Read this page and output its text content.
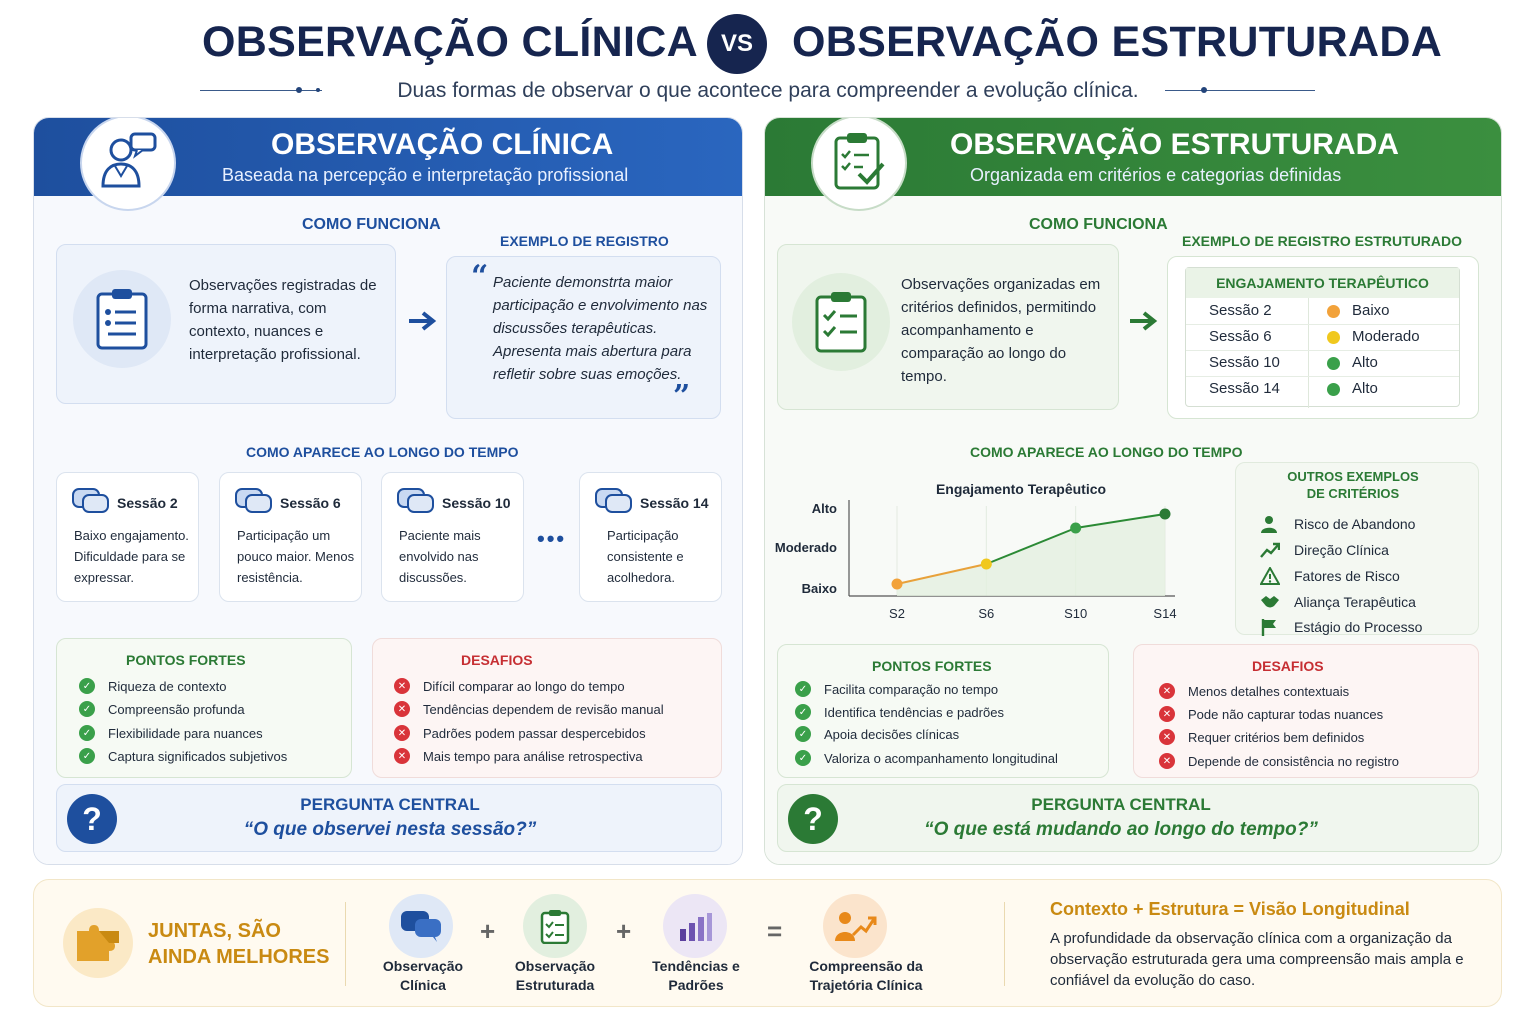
OBSERVAÇÃO CLÍNICA VS OBSERVAÇÃO ESTRUTURADA
Duas formas de observar o que acontece para compreender a evolução clínica.
OBSERVAÇÃO CLÍNICA
Baseada na percepção e interpretação profissional
COMO FUNCIONA
Observações registradas de forma narrativa, com contexto, nuances e interpretação profissional.
EXEMPLO DE REGISTRO
“ Paciente demonstrta maior participação e envolvimento nas discussões terapêuticas. Apresenta mais abertura para refletir sobre suas emoções.
”
COMO APARECE AO LONGO DO TEMPO
Sessão 2
Baixo engajamento. Dificuldade para se expressar.
Sessão 6
Participação um pouco maior. Menos resistência.
Sessão 10
Paciente mais envolvido nas discussões.
•••
Sessão 14
Participação consistente e acolhedora.
PONTOS FORTES
✓ Riqueza de contexto
✓ Compreensão profunda
✓ Flexibilidade para nuances
✓ Captura significados subjetivos
DESAFIOS
✕ Difícil comparar ao longo do tempo
✕ Tendências dependem de revisão manual
✕ Padrões podem passar despercebidos
✕ Mais tempo para análise retrospectiva
?	PERGUNTA CENTRAL
“O que observei nesta sessão?”
OBSERVAÇÃO ESTRUTURADA
Organizada em critérios e categorias definidas
COMO FUNCIONA
Observações organizadas em critérios definidos, permitindo acompanhamento e comparação ao longo do tempo.
EXEMPLO DE REGISTRO ESTRUTURADO
ENGAJAMENTO TERAPÊUTICO
Sessão 2	Baixo
Sessão 6	Moderado
Sessão 10	Alto
Sessão 14	Alto
COMO APARECE AO LONGO DO TEMPO
Engajamento Terapêutico
Baixo
Moderado
Alto
S2	S6	S10	S14
OUTROS EXEMPLOS
DE CRITÉRIOS
Risco de Abandono
Direção Clínica
Fatores de Risco
Aliança Terapêutica
Estágio do Processo
PONTOS FORTES
✓ Facilita comparação no tempo
✓ Identifica tendências e padrões
✓ Apoia decisões clínicas
✓ Valoriza o acompanhamento longitudinal
DESAFIOS
✕ Menos detalhes contextuais
✕ Pode não capturar todas nuances
✕ Requer critérios bem definidos
✕ Depende de consistência no registro
?	PERGUNTA CENTRAL
“O que está mudando ao longo do tempo?”
JUNTAS, SÃO
AINDA MELHORES	Observação
Clínica
+
Observação
Estruturada
+
Tendências e
Padrões
=
Compreensão da
Trajetória Clínica
Contexto + Estrutura = Visão Longitudinal
A profundidade da observação clínica com a organização da observação estruturada gera uma compreensão mais ampla e confiável da evolução do caso.
